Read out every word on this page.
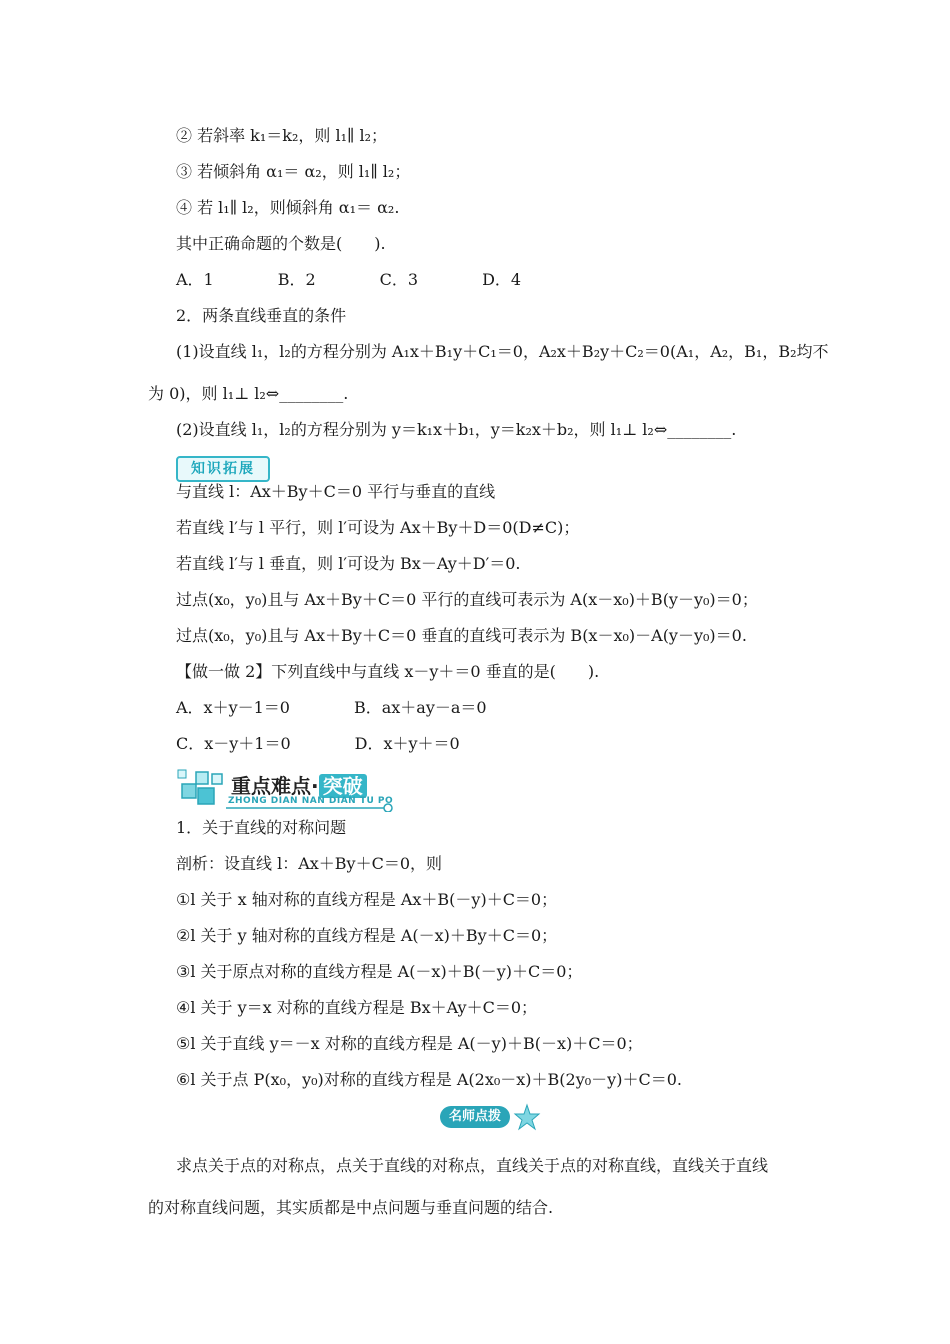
② 若斜率 k₁＝k₂，则 l₁∥ l₂；
③ 若倾斜角 α₁＝ α₂，则 l₁∥ l₂；
④ 若 l₁∥ l₂，则倾斜角 α₁＝ α₂.
其中正确命题的个数是(　　).
A．1　　　　B．2　　　　C．3　　　　D．4
2．两条直线垂直的条件
(1)设直线 l₁，l₂的方程分别为 A₁x＋B₁y＋C₁＝0，A₂x＋B₂y＋C₂＝0(A₁，A₂，B₁，B₂均不
为 0)，则 l₁⊥ l₂⇔________.
(2)设直线 l₁，l₂的方程分别为 y＝k₁x＋b₁，y＝k₂x＋b₂，则 l₁⊥ l₂⇔________.
知识拓展
与直线 l：Ax＋By＋C＝0 平行与垂直的直线
若直线 l′与 l 平行，则 l′可设为 Ax＋By＋D＝0(D≠C)；
若直线 l′与 l 垂直，则 l′可设为 Bx－Ay＋D′＝0.
过点(x₀，y₀)且与 Ax＋By＋C＝0 平行的直线可表示为 A(x－x₀)＋B(y－y₀)＝0；
过点(x₀，y₀)且与 Ax＋By＋C＝0 垂直的直线可表示为 B(x－x₀)－A(y－y₀)＝0.
【做一做 2】下列直线中与直线 x－y＋＝0 垂直的是(　　).
A．x＋y－1＝0　　　　B．ax＋ay－a＝0
C．x－y＋1＝0　　　　D．x＋y＋＝0
重点难点· 突破
ZHONG DIAN NAN DIAN TU PO
1．关于直线的对称问题
剖析：设直线 l：Ax＋By＋C＝0，则
①l 关于 x 轴对称的直线方程是 Ax＋B(－y)＋C＝0；
②l 关于 y 轴对称的直线方程是 A(－x)＋By＋C＝0；
③l 关于原点对称的直线方程是 A(－x)＋B(－y)＋C＝0；
④l 关于 y＝x 对称的直线方程是 Bx＋Ay＋C＝0；
⑤l 关于直线 y＝－x 对称的直线方程是 A(－y)＋B(－x)＋C＝0；
⑥l 关于点 P(x₀，y₀)对称的直线方程是 A(2x₀－x)＋B(2y₀－y)＋C＝0.
名师点拨
求点关于点的对称点，点关于直线的对称点，直线关于点的对称直线，直线关于直线
的对称直线问题，其实质都是中点问题与垂直问题的结合.
